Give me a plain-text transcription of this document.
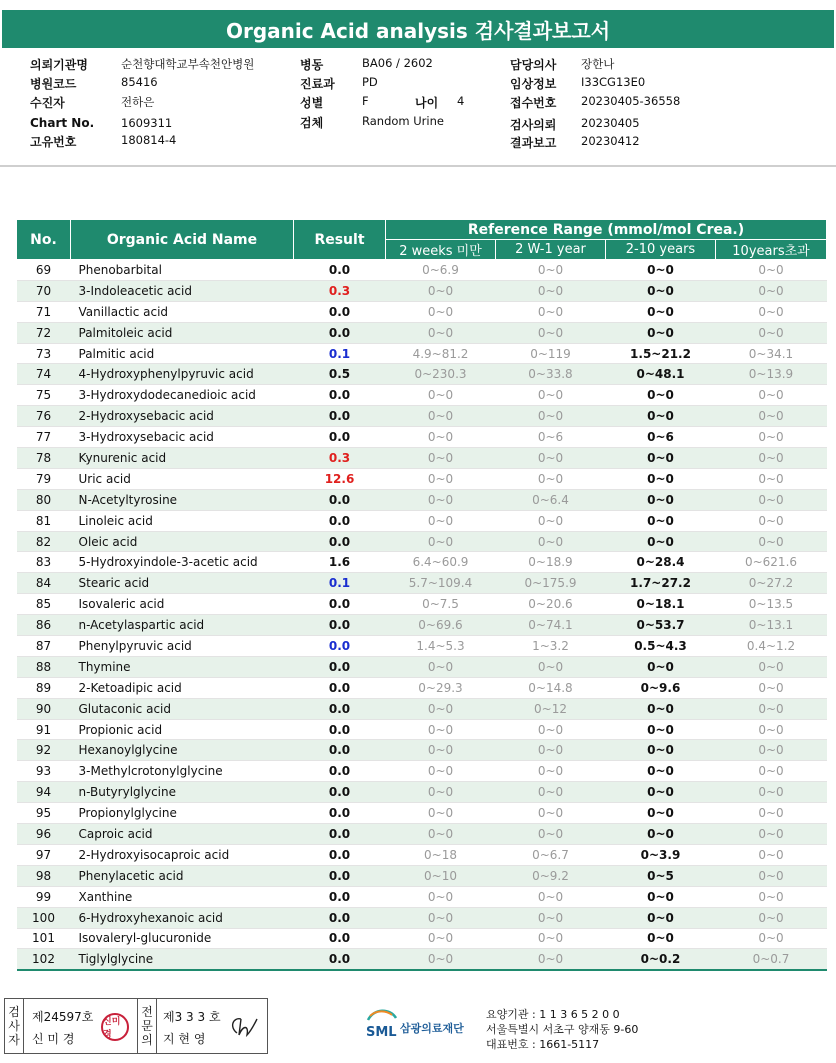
Organic Acid analysis 검사결과보고서
의뢰기관명	순천향대학교부속천안병원
병원코드	85416
수진자	전하은
Chart No. 1609311
고유번호	180814-4
병동	BA06 / 2602
진료과 PD
성별	F	나이 4
검체	Random Urine
담당의사 장한나
임상정보 I33CG13E0
접수번호 20230405-36558
검사의뢰 20230405
결과보고 20230412
No.	Organic Acid Name	Result	Reference Range (mmol/mol Crea.)			
			2 weeks 미만	2 W-1 year	2-10 years	10years초과
69	Phenobarbital	0.0	0~6.9	0~0	0~0	0~0
70	3-Indoleacetic acid	0.3	0~0	0~0	0~0	0~0
71	Vanillactic acid	0.0	0~0	0~0	0~0	0~0
72	Palmitoleic acid	0.0	0~0	0~0	0~0	0~0
73	Palmitic acid	0.1	4.9~81.2	0~119	1.5~21.2	0~34.1
74	4-Hydroxyphenylpyruvic acid	0.5	0~230.3	0~33.8	0~48.1	0~13.9
75	3-Hydroxydodecanedioic acid	0.0	0~0	0~0	0~0	0~0
76	2-Hydroxysebacic acid	0.0	0~0	0~0	0~0	0~0
77	3-Hydroxysebacic acid	0.0	0~0	0~6	0~6	0~0
78	Kynurenic acid	0.3	0~0	0~0	0~0	0~0
79	Uric acid	12.6	0~0	0~0	0~0	0~0
80	N-Acetyltyrosine	0.0	0~0	0~6.4	0~0	0~0
81	Linoleic acid	0.0	0~0	0~0	0~0	0~0
82	Oleic acid	0.0	0~0	0~0	0~0	0~0
83	5-Hydroxyindole-3-acetic acid	1.6	6.4~60.9	0~18.9	0~28.4	0~621.6
84	Stearic acid	0.1	5.7~109.4	0~175.9	1.7~27.2	0~27.2
85	Isovaleric acid	0.0	0~7.5	0~20.6	0~18.1	0~13.5
86	n-Acetylaspartic acid	0.0	0~69.6	0~74.1	0~53.7	0~13.1
87	Phenylpyruvic acid	0.0	1.4~5.3	1~3.2	0.5~4.3	0.4~1.2
88	Thymine	0.0	0~0	0~0	0~0	0~0
89	2-Ketoadipic acid	0.0	0~29.3	0~14.8	0~9.6	0~0
90	Glutaconic acid	0.0	0~0	0~12	0~0	0~0
91	Propionic acid	0.0	0~0	0~0	0~0	0~0
92	Hexanoylglycine	0.0	0~0	0~0	0~0	0~0
93	3-Methylcrotonylglycine	0.0	0~0	0~0	0~0	0~0
94	n-Butyrylglycine	0.0	0~0	0~0	0~0	0~0
95	Propionylglycine	0.0	0~0	0~0	0~0	0~0
96	Caproic acid	0.0	0~0	0~0	0~0	0~0
97	2-Hydroxyisocaproic acid	0.0	0~18	0~6.7	0~3.9	0~0
98	Phenylacetic acid	0.0	0~10	0~9.2	0~5	0~0
99	Xanthine	0.0	0~0	0~0	0~0	0~0
100	6-Hydroxyhexanoic acid	0.0	0~0	0~0	0~0	0~0
101	Isovaleryl-glucuronide	0.0	0~0	0~0	0~0	0~0
102	Tiglylglycine	0.0	0~0	0~0	0~0.2	0~0.7
검
사
자
제24597호
신 미 경
신미경
전
문
의
제3 3 3 호
지 현 영	SML 삼광의료재단
요양기관 : 1 1 3 6 5 2 0 0
서울특별시 서초구 양재동 9-60
대표번호 : 1661-5117
